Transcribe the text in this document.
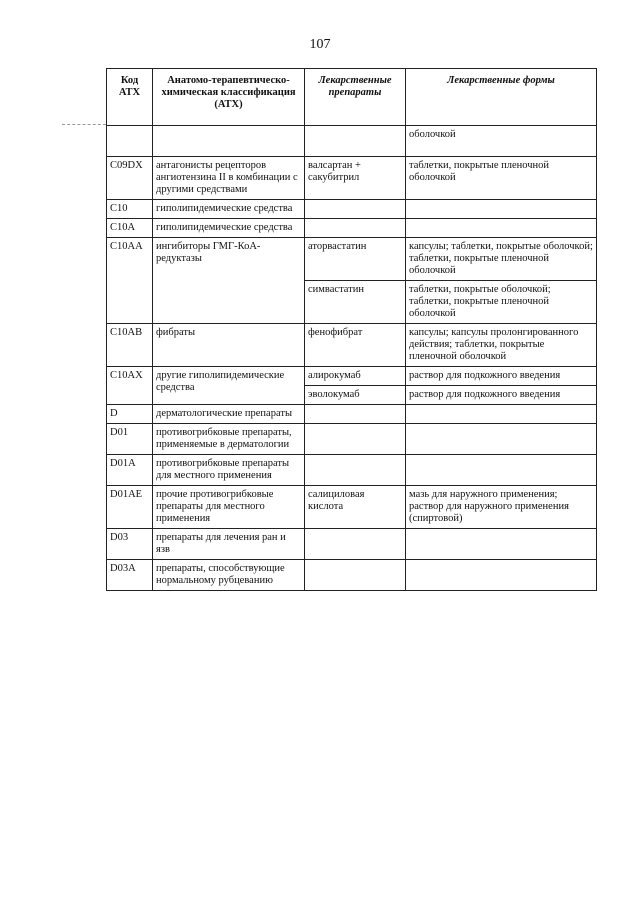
107
Код АТХ	Анатомо-терапевтическо-химическая классификация (АТХ)	Лекарственные препараты	Лекарственные формы
			оболочкой
C09DX	антагонисты рецепторов ангиотензина II в комбинации с другими средствами	валсартан + сакубитрил	таблетки, покрытые пленочной оболочкой
C10	гиполипидемические средства		
C10A	гиполипидемические средства		
C10AA	ингибиторы ГМГ-КоА-редуктазы	аторвастатин	капсулы; таблетки, покрытые оболочкой; таблетки, покрытые пленочной оболочкой
		симвастатин	таблетки, покрытые оболочкой; таблетки, покрытые пленочной оболочкой
C10AB	фибраты	фенофибрат	капсулы; капсулы пролонгированного действия; таблетки, покрытые пленочной оболочкой
C10AX	другие гиполипидемические средства	алирокумаб	раствор для подкожного введения
		эволокумаб	раствор для подкожного введения
D	дерматологические препараты		
D01	противогрибковые препараты, применяемые в дерматологии		
D01A	противогрибковые препараты для местного применения		
D01AE	прочие противогрибковые препараты для местного применения	салициловая кислота	мазь для наружного применения; раствор для наружного применения (спиртовой)
D03	препараты для лечения ран и язв		
D03A	препараты, способствующие нормальному рубцеванию		
